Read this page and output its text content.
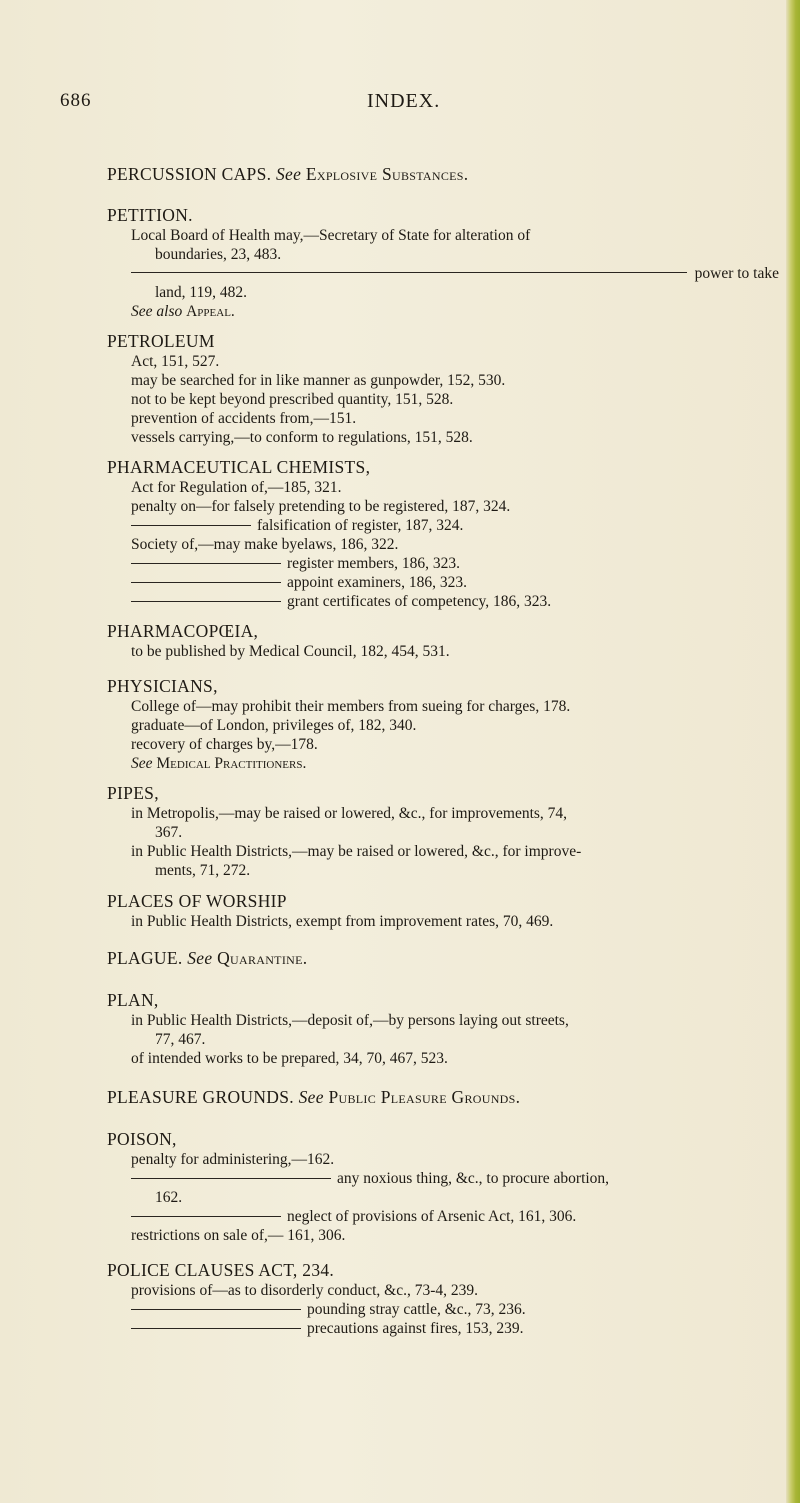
686	INDEX.
PERCUSSION CAPS. See Explosive Substances.
PETITION.
Local Board of Health may,—Secretary of State for alteration of
boundaries, 23, 483.
power to take
land, 119, 482.
See also Appeal.
PETROLEUM
Act, 151, 527.
may be searched for in like manner as gunpowder, 152, 530.
not to be kept beyond prescribed quantity, 151, 528.
prevention of accidents from,—151.
vessels carrying,—to conform to regulations, 151, 528.
PHARMACEUTICAL CHEMISTS,
Act for Regulation of,—185, 321.
penalty on—for falsely pretending to be registered, 187, 324.
falsification of register, 187, 324.
Society of,—may make byelaws, 186, 322.
register members, 186, 323.
appoint examiners, 186, 323.
grant certificates of competency, 186, 323.
PHARMACOPŒIA,
to be published by Medical Council, 182, 454, 531.
PHYSICIANS,
College of—may prohibit their members from sueing for charges, 178.
graduate—of London, privileges of, 182, 340.
recovery of charges by,—178.
See Medical Practitioners.
PIPES,
in Metropolis,—may be raised or lowered, &c., for improvements, 74,
367.
in Public Health Districts,—may be raised or lowered, &c., for improve-
ments, 71, 272.
PLACES OF WORSHIP
in Public Health Districts, exempt from improvement rates, 70, 469.
PLAGUE. See Quarantine.
PLAN,
in Public Health Districts,—deposit of,—by persons laying out streets,
77, 467.
of intended works to be prepared, 34, 70, 467, 523.
PLEASURE GROUNDS. See Public Pleasure Grounds.
POISON,
penalty for administering,—162.
any noxious thing, &c., to procure abortion,
162.
neglect of provisions of Arsenic Act, 161, 306.
restrictions on sale of,— 161, 306.
POLICE CLAUSES ACT, 234.
provisions of—as to disorderly conduct, &c., 73-4, 239.
pounding stray cattle, &c., 73, 236.
precautions against fires, 153, 239.
